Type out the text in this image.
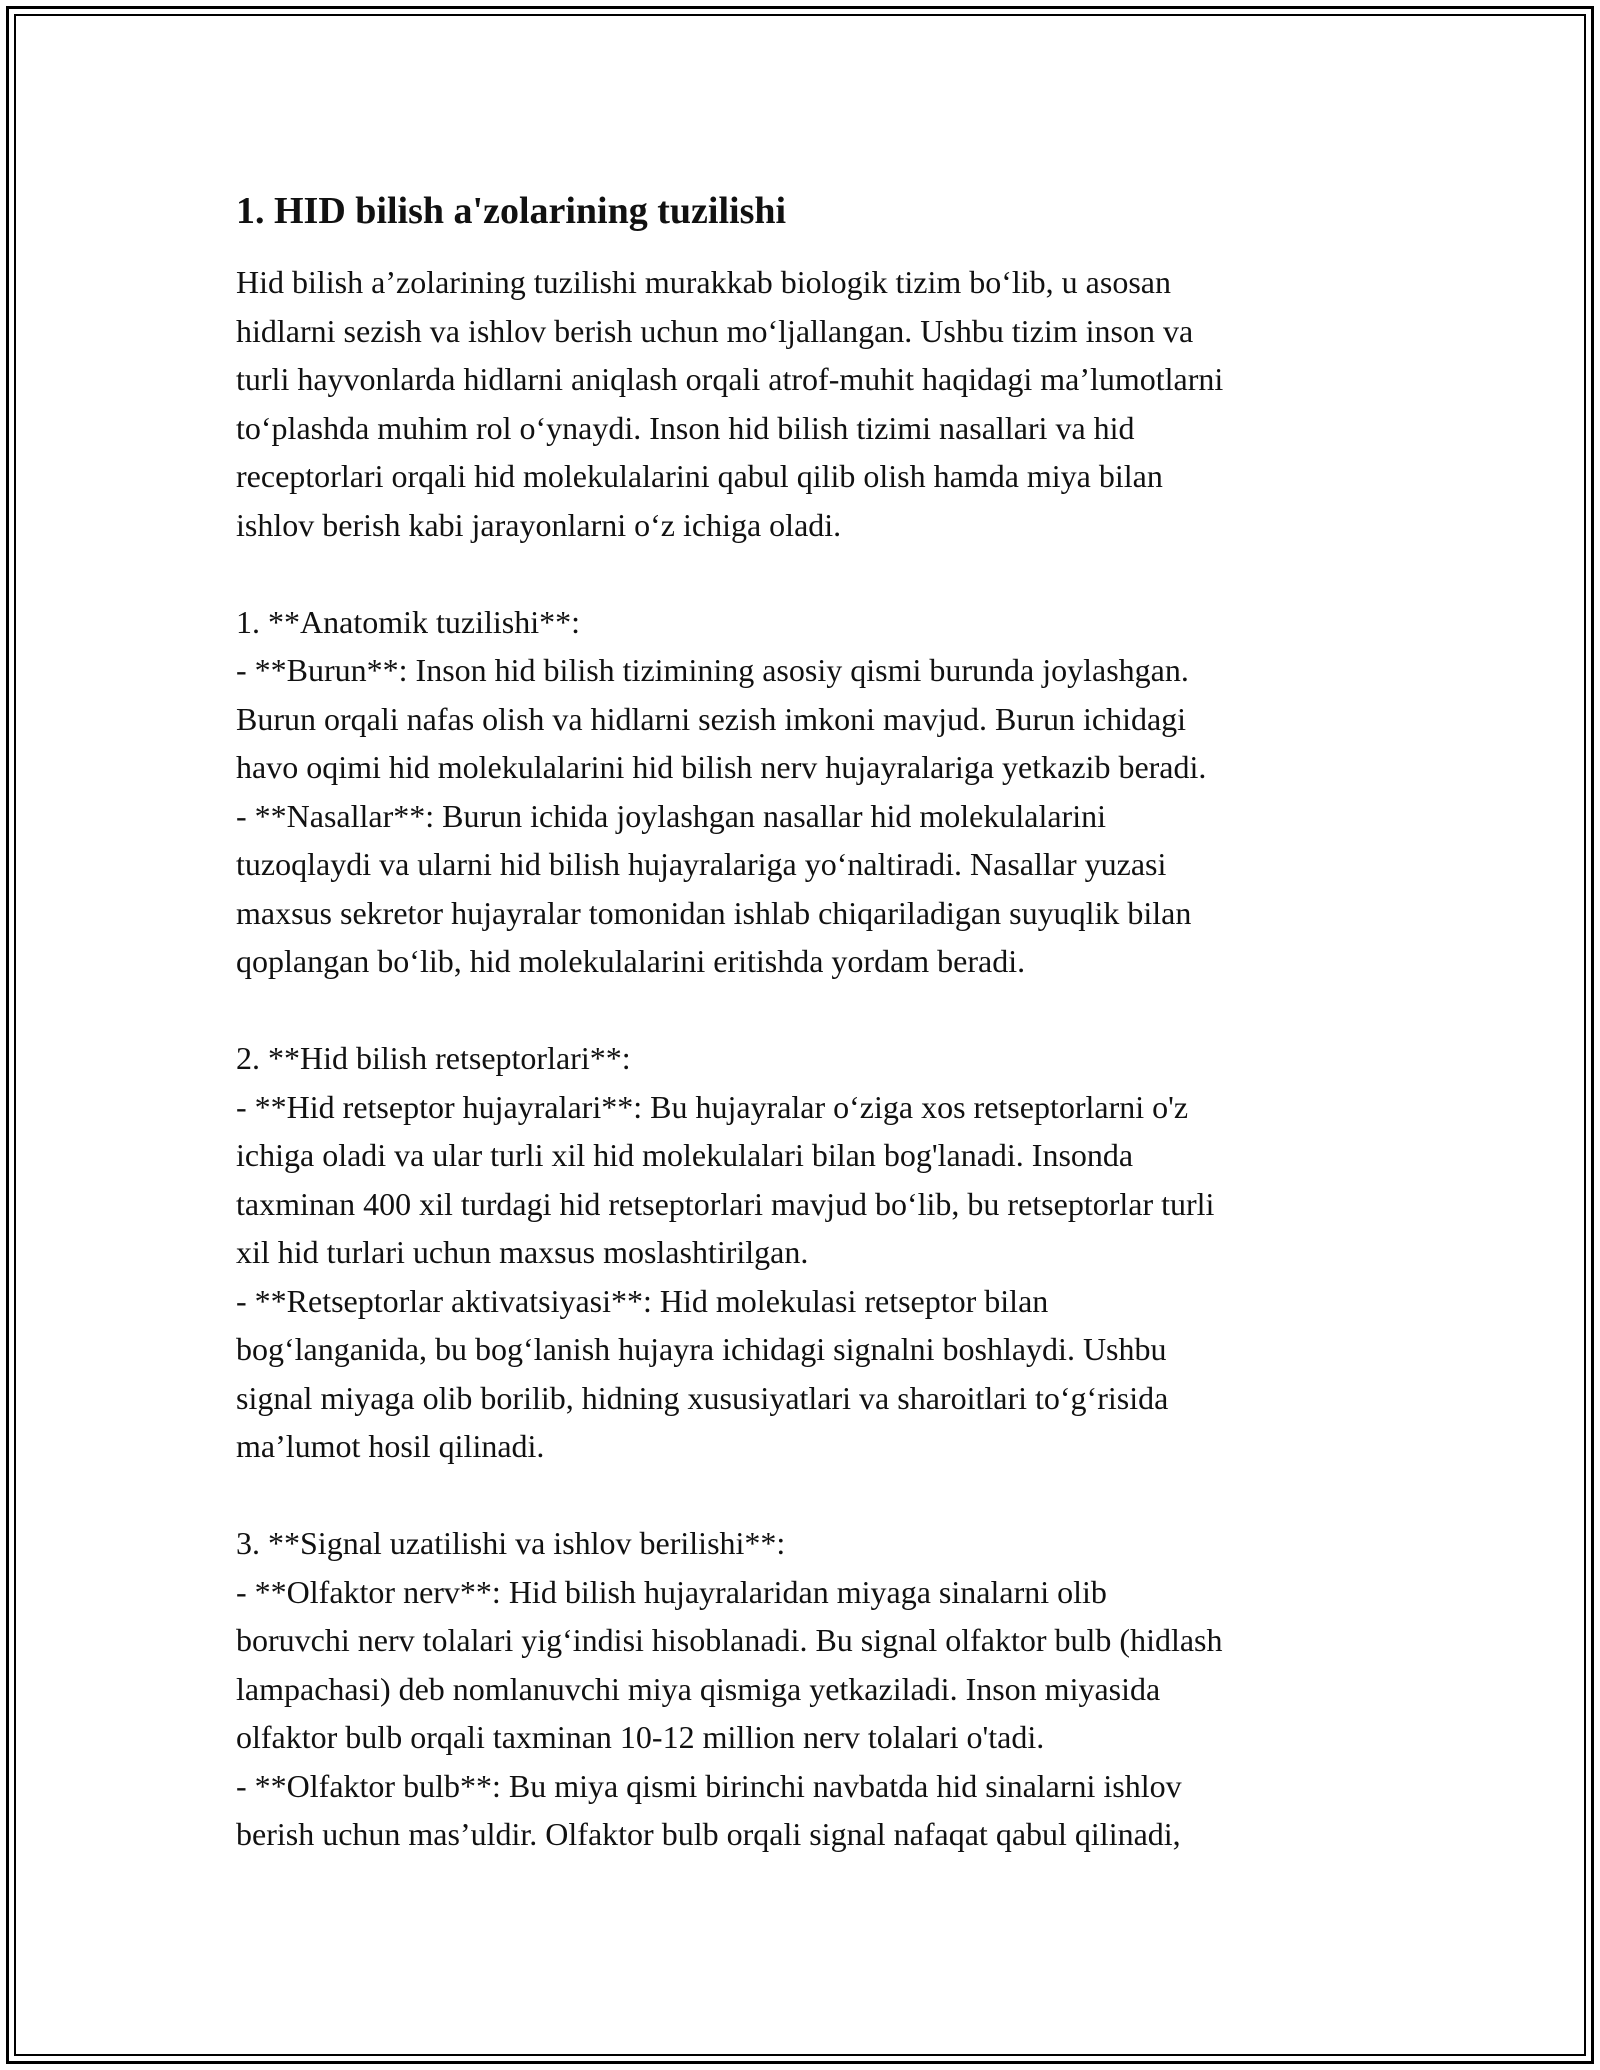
1. HID bilish a'zolarining tuzilishi

Hid bilish a’zolarining tuzilishi murakkab biologik tizim bo‘lib, u asosan
hidlarni sezish va ishlov berish uchun mo‘ljallangan. Ushbu tizim inson va
turli hayvonlarda hidlarni aniqlash orqali atrof-muhit haqidagi ma’lumotlarni
to‘plashda muhim rol o‘ynaydi. Inson hid bilish tizimi nasallari va hid
receptorlari orqali hid molekulalarini qabul qilib olish hamda miya bilan
ishlov berish kabi jarayonlarni o‘z ichiga oladi.

1. **Anatomik tuzilishi**:
- **Burun**: Inson hid bilish tizimining asosiy qismi burunda joylashgan.
Burun orqali nafas olish va hidlarni sezish imkoni mavjud. Burun ichidagi
havo oqimi hid molekulalarini hid bilish nerv hujayralariga yetkazib beradi.
- **Nasallar**: Burun ichida joylashgan nasallar hid molekulalarini
tuzoqlaydi va ularni hid bilish hujayralariga yo‘naltiradi. Nasallar yuzasi
maxsus sekretor hujayralar tomonidan ishlab chiqariladigan suyuqlik bilan
qoplangan bo‘lib, hid molekulalarini eritishda yordam beradi.

2. **Hid bilish retseptorlari**:
- **Hid retseptor hujayralari**: Bu hujayralar o‘ziga xos retseptorlarni o'z
ichiga oladi va ular turli xil hid molekulalari bilan bog'lanadi. Insonda
taxminan 400 xil turdagi hid retseptorlari mavjud bo‘lib, bu retseptorlar turli
xil hid turlari uchun maxsus moslashtirilgan.
- **Retseptorlar aktivatsiyasi**: Hid molekulasi retseptor bilan
bog‘langanida, bu bog‘lanish hujayra ichidagi signalni boshlaydi. Ushbu
signal miyaga olib borilib, hidning xususiyatlari va sharoitlari to‘g‘risida
ma’lumot hosil qilinadi.

3. **Signal uzatilishi va ishlov berilishi**:
- **Olfaktor nerv**: Hid bilish hujayralaridan miyaga sinalarni olib
boruvchi nerv tolalari yig‘indisi hisoblanadi. Bu signal olfaktor bulb (hidlash
lampachasi) deb nomlanuvchi miya qismiga yetkaziladi. Inson miyasida
olfaktor bulb orqali taxminan 10-12 million nerv tolalari o'tadi.
- **Olfaktor bulb**: Bu miya qismi birinchi navbatda hid sinalarni ishlov
berish uchun mas’uldir. Olfaktor bulb orqali signal nafaqat qabul qilinadi,
